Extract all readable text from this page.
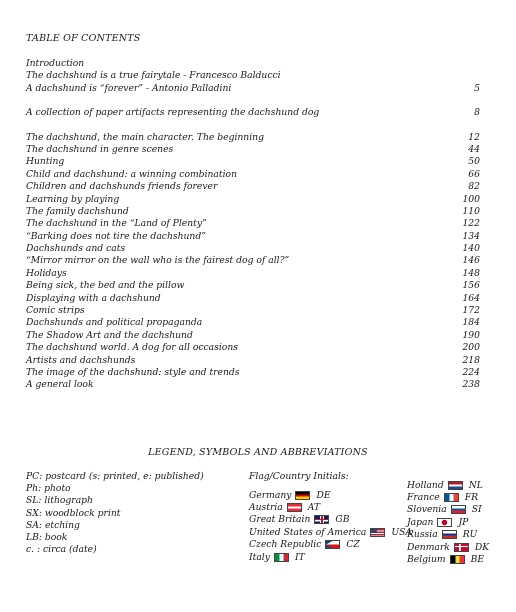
TABLE OF CONTENTS
Introduction
The dachshund is a true fairytale - Francesco Balducci
A dachshund is “forever” - Antonio Palladini	5
A collection of paper artifacts representing the dachshund dog	8
The dachshund, the main character. The beginning	12
The dachshund in genre scenes	44
Hunting	50
Child and dachshund: a winning combination	66
Children and dachshunds friends forever	82
Learning by playing	100
The family dachshund	110
The dachshund in the “Land of Plenty”	122
“Barking does not tire the dachshund”	134
Dachshunds and cats	140
“Mirror mirror on the wall who is the fairest dog of all?”	146
Holidays	148
Being sick, the bed and the pillow	156
Displaying with a dachshund	164
Comic strips	172
Dachshunds and political propaganda	184
The Shadow Art and the dachshund	190
The dachshund world. A dog for all occasions	200
Artists and dachshunds	218
The image of the dachshund: style and trends	224
A general look	238
LEGEND, SYMBOLS AND ABBREVIATIONS
PC: postcard (s: printed, e: published)
Ph: photo
SL: lithograph
SX: woodblock print
SA: etching
LB: book
c. : circa (date)
Flag/Country Initials:
Germany	DE
Austria	AT
Great Britain	GB
United States of America	USA
Czech Republic	CZ
Italy	IT
Holland	NL
France	FR
Slovenia	SI
Japan	JP
Russia	RU
Denmark	DK
Belgium	BE
